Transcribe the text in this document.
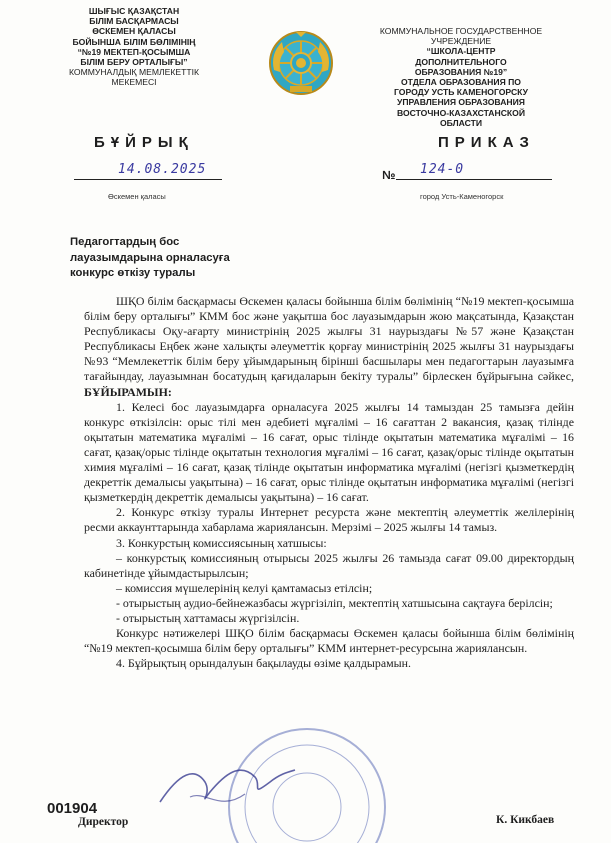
ШЫҒЫС ҚАЗАҚСТАН
БІЛІМ БАСҚАРМАСЫ
ӨСКЕМЕН ҚАЛАСЫ
БОЙЫНША БІЛІМ БӨЛІМІНІҢ
“№19 МЕКТЕП-ҚОСЫМША
БІЛІМ БЕРУ ОРТАЛЫҒЫ”
КОММУНАЛДЫҚ МЕМЛЕКЕТТІК
МЕКЕМЕСІ
КОММУНАЛЬНОЕ ГОСУДАРСТВЕННОЕ
УЧРЕЖДЕНИЕ
“ШКОЛА-ЦЕНТР
ДОПОЛНИТЕЛЬНОГО
ОБРАЗОВАНИЯ №19”
ОТДЕЛА ОБРАЗОВАНИЯ ПО
ГОРОДУ УСТЬ КАМЕНОГОРСКУ
УПРАВЛЕНИЯ ОБРАЗОВАНИЯ
ВОСТОЧНО-КАЗАХСТАНСКОЙ
ОБЛАСТИ
БҰЙРЫҚ	ПРИКАЗ
14.08.2025
Өскемен қаласы
№ 124-0
город Усть-Каменогорск
Педагогтардың бос
лауазымдарына орналасуға
конкурс өткізу туралы

ШҚО білім басқармасы Өскемен қаласы бойынша білім бөлімінің “№19 мектеп-қосымша білім беру орталығы” КММ бос және уақытша бос лауазымдарын жою мақсатында, Қазақстан Республикасы Оқу-ағарту министрінің 2025 жылғы 31 наурыздағы №57 және Қазақстан Республикасы Еңбек және халықты әлеуметтік қорғау министрінің 2025 жылғы 31 наурыздағы №93 “Мемлекеттік білім беру ұйымдарының бірінші басшылары мен педагогтарын лауазымға тағайындау, лауазымнан босатудың қағидаларын бекіту туралы” бірлескен бұйрығына сәйкес, БҰЙЫРАМЫН:

1. Келесі бос лауазымдарға орналасуға 2025 жылғы 14 тамыздан 25 тамызға дейін конкурс өткізілсін: орыс тілі мен әдебиеті мұғалімі – 16 сағаттан 2 вакансия, қазақ тілінде оқытатын математика мұғалімі – 16 сағат, орыс тілінде оқытатын математика мұғалімі – 16 сағат, қазақ/орыс тілінде оқытатын технология мұғалімі – 16 сағат, қазақ/орыс тілінде оқытатын химия мұғалімі – 16 сағат, қазақ тілінде оқытатын информатика мұғалімі (негізгі қызметкердің декреттік демалысы уақытына) – 16 сағат, орыс тілінде оқытатын информатика мұғалімі (негізгі қызметкердің декреттік демалысы уақытына) – 16 сағат.

2. Конкурс өткізу туралы Интернет ресурста және мектептің әлеуметтік желілерінің ресми аккаунттарында хабарлама жариялансын. Мерзімі – 2025 жылғы 14 тамыз.

3. Конкурстың комиссиясының хатшысы:

– конкурстық комиссияның отырысы 2025 жылғы 26 тамызда сағат 09.00 директордың кабинетінде ұйымдастырылсын;

– комиссия мүшелерінің келуі қамтамасыз етілсін;

- отырыстың аудио-бейнежазбасы жүргізіліп, мектептің хатшысына сақтауға берілсін;

- отырыстың хаттамасы жүргізілсін.

Конкурс нәтижелері ШҚО білім басқармасы Өскемен қаласы бойынша білім бөлімінің “№19 мектеп-қосымша білім беру орталығы” КММ интернет-ресурсына жариялансын.

4. Бұйрықтың орындалуын бақылауды өзіме қалдырамын.

001904
Директор	К. Кикбаев
